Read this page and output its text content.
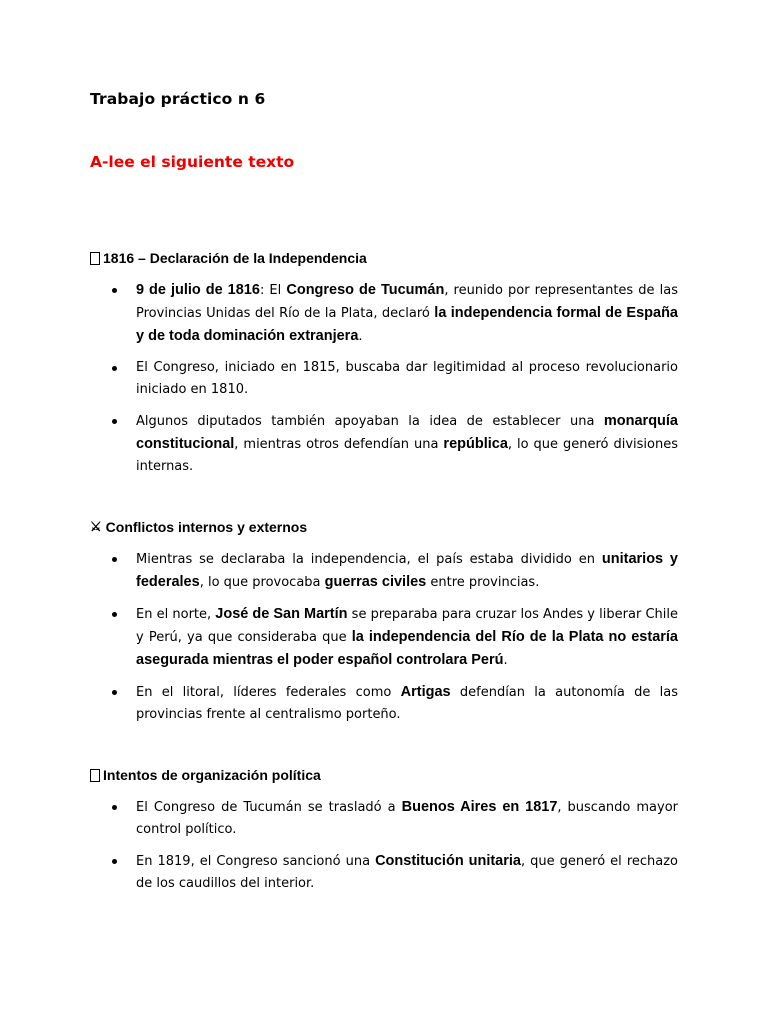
Trabajo práctico n 6
A-lee el siguiente texto
1816 – Declaración de la Independencia
9 de julio de 1816: El Congreso de Tucumán, reunido por representantes de las Provincias Unidas del Río de la Plata, declaró la independencia formal de España y de toda dominación extranjera.
El Congreso, iniciado en 1815, buscaba dar legitimidad al proceso revolucionario iniciado en 1810.
Algunos diputados también apoyaban la idea de establecer una monarquía constitucional, mientras otros defendían una república, lo que generó divisiones internas.
⚔ Conflictos internos y externos
Mientras se declaraba la independencia, el país estaba dividido en unitarios y federales, lo que provocaba guerras civiles entre provincias.
En el norte, José de San Martín se preparaba para cruzar los Andes y liberar Chile y Perú, ya que consideraba que la independencia del Río de la Plata no estaría asegurada mientras el poder español controlara Perú.
En el litoral, líderes federales como Artigas defendían la autonomía de las provincias frente al centralismo porteño.
Intentos de organización política
El Congreso de Tucumán se trasladó a Buenos Aires en 1817, buscando mayor control político.
En 1819, el Congreso sancionó una Constitución unitaria, que generó el rechazo de los caudillos del interior.
